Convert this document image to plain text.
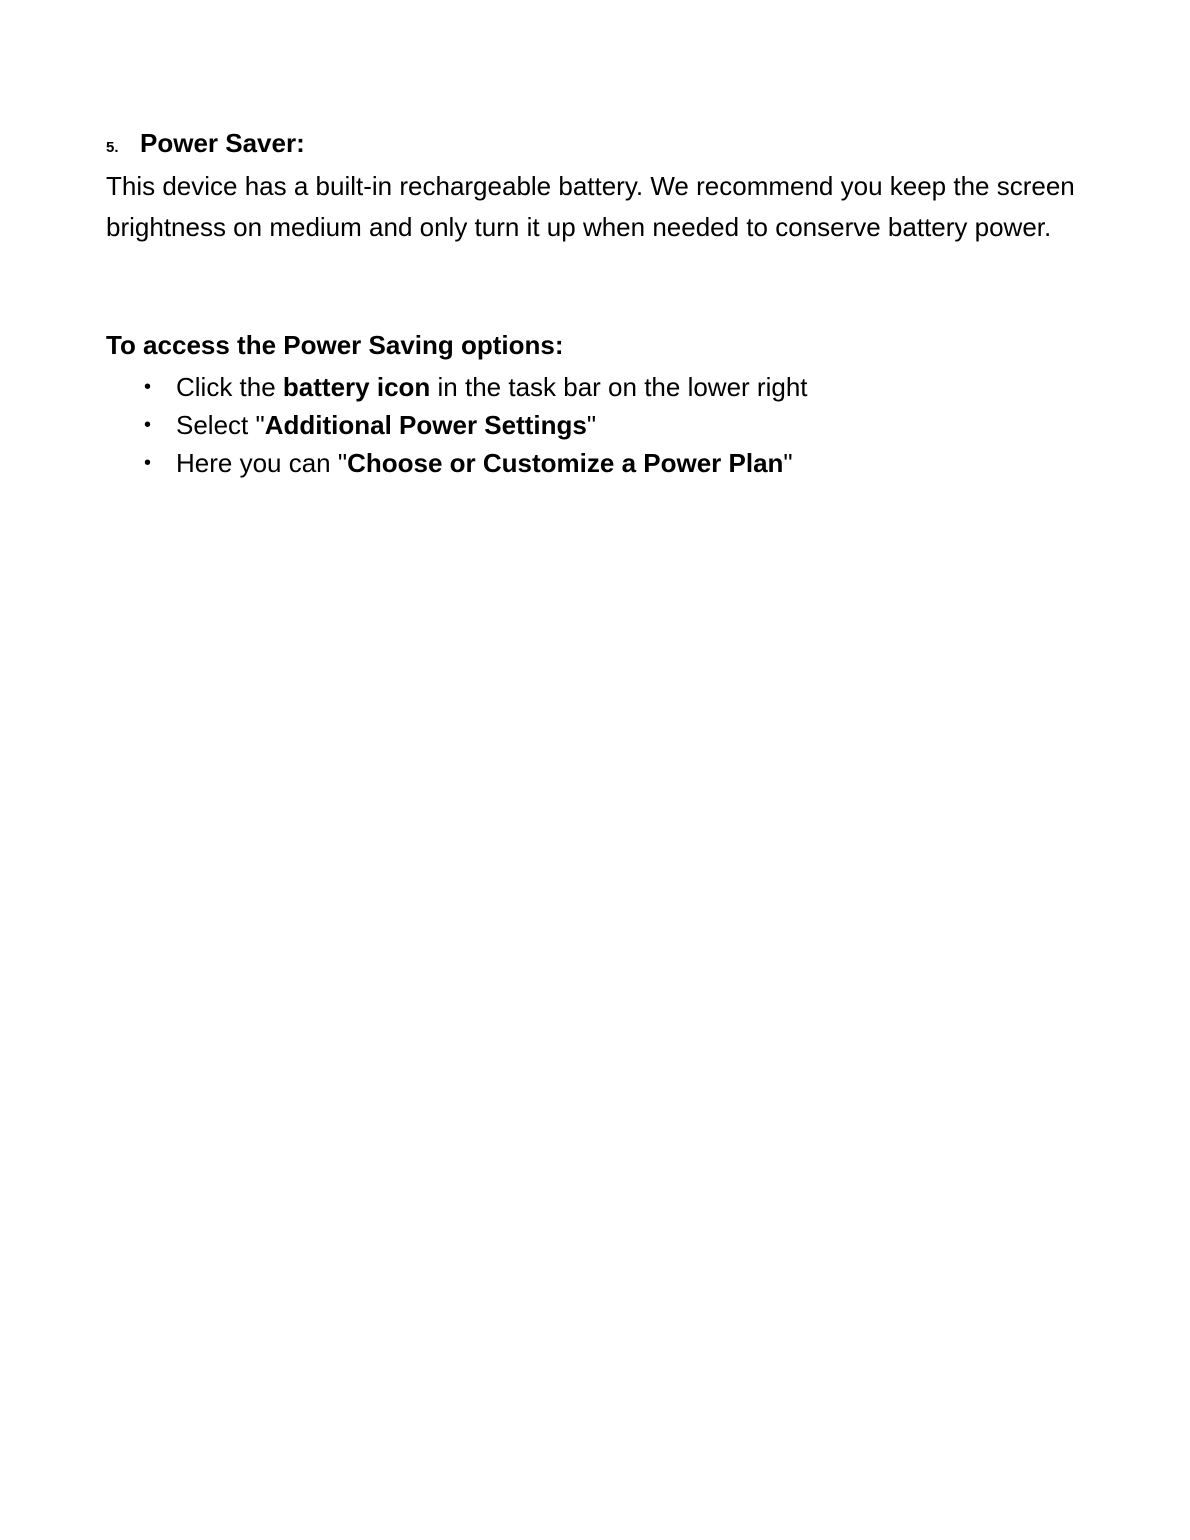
5. Power Saver:

This device has a built-in rechargeable battery. We recommend you keep the screen brightness on medium and only turn it up when needed to conserve battery power.

To access the Power Saving options:
• Click the battery icon in the task bar on the lower right
• Select "Additional Power Settings"
• Here you can "Choose or Customize a Power Plan"
